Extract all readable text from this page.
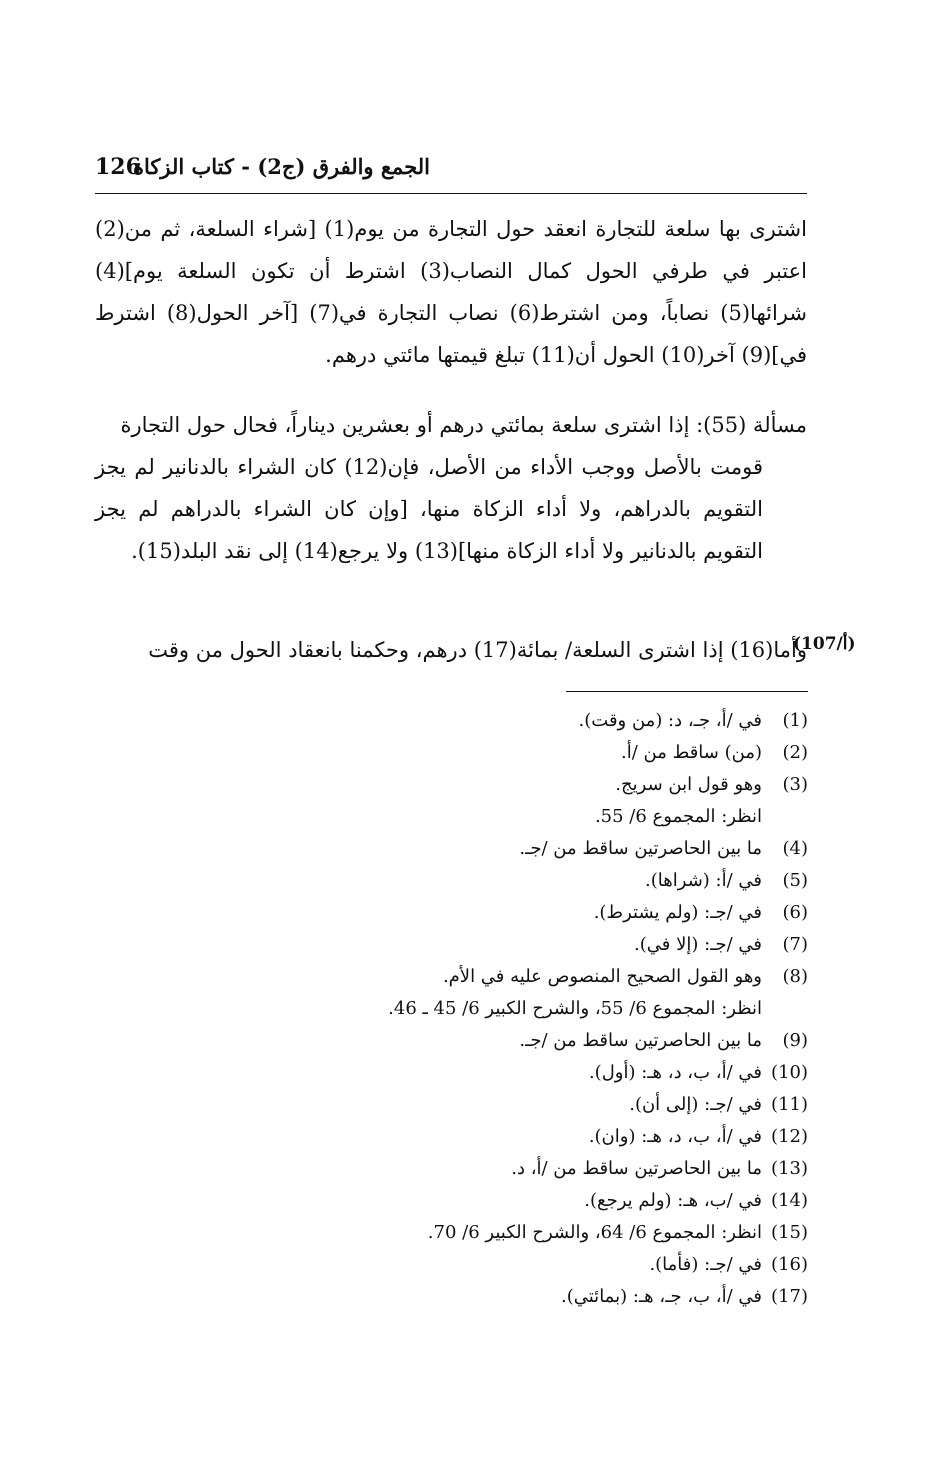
الجمع والفرق (ج2) - كتاب الزكاة
126
اشترى بها سلعة للتجارة انعقد حول التجارة من يوم(1) [شراء السلعة، ثم من(2) اعتبر في طرفي الحول كمال النصاب(3) اشترط أن تكون السلعة يوم](4) شرائها(5) نصاباً، ومن اشترط(6) نصاب التجارة في(7) [آخر الحول(8) اشترط في](9) آخر(10) الحول أن(11) تبلغ قيمتها مائتي درهم.
مسألة (55): إذا اشترى سلعة بمائتي درهم أو بعشرين ديناراً، فحال حول التجارة
قومت بالأصل ووجب الأداء من الأصل، فإن(12) كان الشراء بالدنانير لم يجز التقويم بالدراهم، ولا أداء الزكاة منها، [وإن كان الشراء بالدراهم لم يجز التقويم بالدنانير ولا أداء الزكاة منها](13) ولا يرجع(14) إلى نقد البلد(15).
وأما(16) إذا اشترى السلعة/ بمائة(17) درهم، وحكمنا بانعقاد الحول من وقت
(107/أ)
(1)
في /أ، جـ، د: (من وقت).
(2)
(من) ساقط من /أ.
(3)
وهو قول ابن سريج.
انظر: المجموع 6/ 55.
(4)
ما بين الحاصرتين ساقط من /جـ.
(5)
في /أ: (شراها).
(6)
في /جـ: (ولم يشترط).
(7)
في /جـ: (إلا في).
(8)
وهو القول الصحيح المنصوص عليه في الأم.
انظر: المجموع 6/ 55، والشرح الكبير 6/ 45 ـ 46.
(9)
ما بين الحاصرتين ساقط من /جـ.
(10)
في /أ، ب، د، هـ: (أول).
(11)
في /جـ: (إلى أن).
(12)
في /أ، ب، د، هـ: (وان).
(13)
ما بين الحاصرتين ساقط من /أ، د.
(14)
في /ب، هـ: (ولم يرجع).
(15)
انظر: المجموع 6/ 64، والشرح الكبير 6/ 70.
(16)
في /جـ: (فأما).
(17)
في /أ، ب، جـ، هـ: (بمائتي).
